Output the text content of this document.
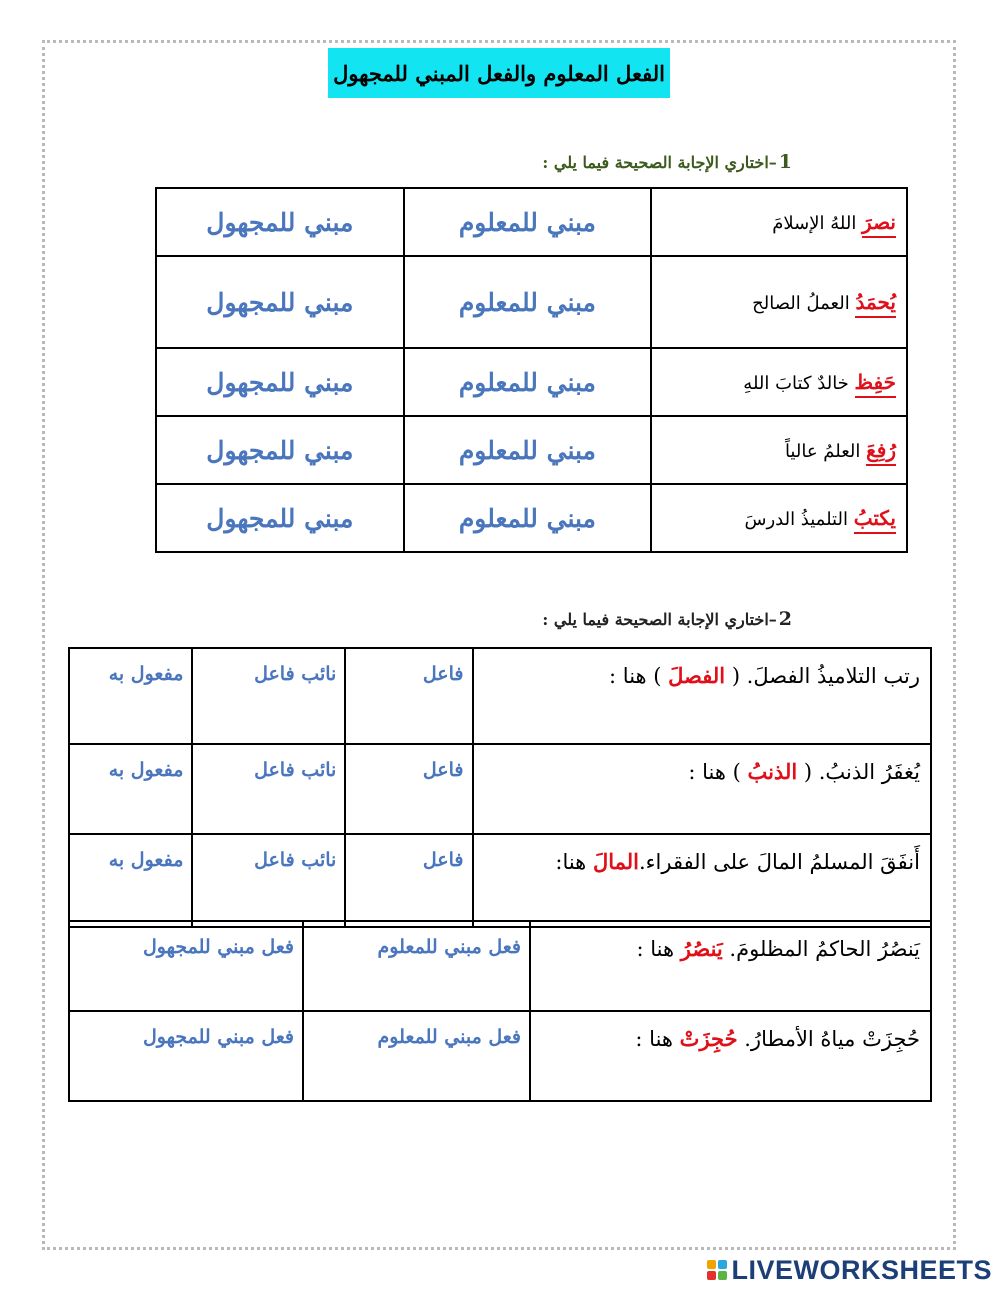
الفعل المعلوم والفعل المبني للمجهول
1
–اختاري الإجابة الصحيحة فيما يلي :
نصرَ اللهُ الإسلامَ	مبني للمعلوم	مبني للمجهول
يُحمَدُ العملُ الصالح	مبني للمعلوم	مبني للمجهول
حَفِظ خالدٌ كتابَ اللهِ	مبني للمعلوم	مبني للمجهول
رُفِعَ العلمُ عالياً	مبني للمعلوم	مبني للمجهول
يكتبُ التلميذُ الدرسَ	مبني للمعلوم	مبني للمجهول
2
–اختاري الإجابة الصحيحة فيما يلي :
رتب التلاميذُ الفصلَ. ( الفصلَ ) هنا :	فاعل	نائب فاعل	مفعول به
يُغفَرُ الذنبُ. ( الذنبُ ) هنا :	فاعل	نائب فاعل	مفعول به
أَنفَقَ المسلمُ المالَ على الفقراء.المالَ هنا:	فاعل	نائب فاعل	مفعول به
يَنصُرُ الحاكمُ المظلومَ. يَنصُرُ هنا :	فعل مبني للمعلوم	فعل مبني للمجهول
حُجِزَتْ مياهُ الأمطارُ. حُجِزَتْ هنا :	فعل مبني للمعلوم	فعل مبني للمجهول
LIVEWORKSHEETS
